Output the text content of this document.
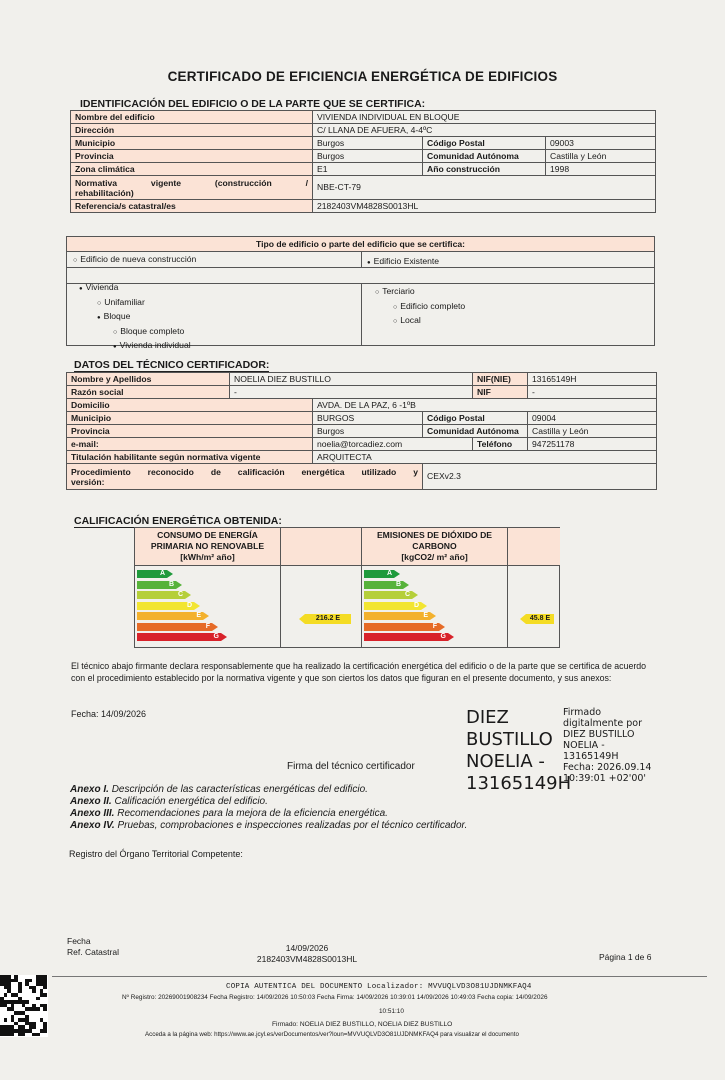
CERTIFICADO DE EFICIENCIA ENERGÉTICA DE EDIFICIOS
IDENTIFICACIÓN DEL EDIFICIO O DE LA PARTE QUE SE CERTIFICA:
Nombre del edificio	VIVIENDA INDIVIDUAL EN BLOQUE		
Dirección	C/ LLANA DE AFUERA, 4-4ºC		
Municipio	Burgos	Código Postal	09003
Provincia	Burgos	Comunidad Autónoma	Castilla y León
Zona climática	E1	Año construcción	1998

Normativa vigente (construcción /
rehabilitación)	NBE-CT-79		
Referencia/s catastral/es	2182403VM4828S0013HL		
Tipo de edificio o parte del edificio que se certifica:
○ Edificio de nueva construcción	● Edificio Existente
● Vivienda
○ Unifamiliar
● Bloque
○ Bloque completo
● Vivienda individual
○ Terciario
○ Edificio completo
○ Local
DATOS DEL TÉCNICO CERTIFICADOR:
Nombre y Apellidos	NOELIA DIEZ BUSTILLO			NIF(NIE)	13165149H
Razón social	-			NIF	-
Domicilio		AVDA. DE LA PAZ, 6 -1ºB			
Municipio		BURGOS	Código Postal		09004
Provincia		Burgos	Comunidad Autónoma		Castilla y León
e-mail:		noelia@torcadiez.com		Teléfono	947251178
Titulación habilitante según normativa vigente		ARQUITECTA			

Procedimiento reconocido de calificación energética utilizado y
versión:			CEXv2.3		
CALIFICACIÓN ENERGÉTICA OBTENIDA:
CONSUMO DE ENERGÍA
PRIMARIA NO RENOVABLE
[kWh/m² año]
A
B
C
D
E
F
G
216.2 E
EMISIONES DE DIÓXIDO DE
CARBONO
[kgCO2/ m² año]
A
B
C
D
E
F
G
45.8 E
El técnico abajo firmante declara responsablemente que ha realizado la certificación energética del edificio o de la parte que se certifica de acuerdo con el procedimiento establecido por la normativa vigente y que son ciertos los datos que figuran en el presente documento, y sus anexos:
Fecha: 14/09/2026
Firma del técnico certificador
DIEZ
BUSTILLO
NOELIA -
13165149H
Firmado
digitalmente por
DIEZ BUSTILLO
NOELIA -
13165149H
Fecha: 2026.09.14
10:39:01 +02'00'
Anexo I. Descripción de las características energéticas del edificio.
Anexo II. Calificación energética del edificio.
Anexo III. Recomendaciones para la mejora de la eficiencia energética.
Anexo IV. Pruebas, comprobaciones e inspecciones realizadas por el técnico certificador.
Registro del Órgano Territorial Competente:
Fecha
Ref. Catastral	14/09/2026
2182403VM4828S0013HL	Página 1 de 6
COPIA AUTENTICA DEL DOCUMENTO Localizador: MVVUQLVD3O81UJDNMKFAQ4
Nº Registro: 20269001908234 Fecha Registro: 14/09/2026 10:50:03 Fecha Firma: 14/09/2026 10:39:01 14/09/2026 10:49:03 Fecha copia: 14/09/2026
10:51:10
Firmado: NOELIA DIEZ BUSTILLO, NOELIA DIEZ BUSTILLO
Acceda a la página web: https://www.ae.jcyl.es/verDocumentos/ver?loun=MVVUQLVD3O81UJDNMKFAQ4 para visualizar el documento
